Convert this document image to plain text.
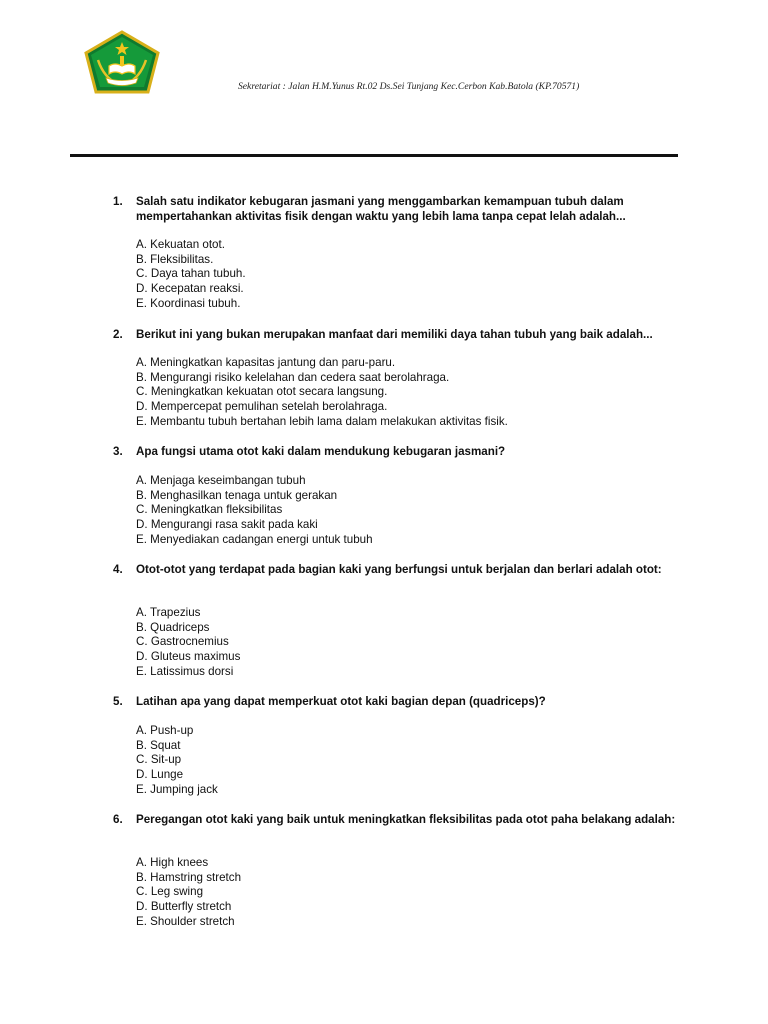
Sekretariat : Jalan H.M.Yunus Rt.02 Ds.Sei Tunjang Kec.Cerbon Kab.Batola (KP.70571)
1. Salah satu indikator kebugaran jasmani yang menggambarkan kemampuan tubuh dalam mempertahankan aktivitas fisik dengan waktu yang lebih lama tanpa cepat lelah adalah...
A. Kekuatan otot.
B. Fleksibilitas.
C. Daya tahan tubuh.
D. Kecepatan reaksi.
E. Koordinasi tubuh.
2. Berikut ini yang bukan merupakan manfaat dari memiliki daya tahan tubuh yang baik adalah...
A. Meningkatkan kapasitas jantung dan paru-paru.
B. Mengurangi risiko kelelahan dan cedera saat berolahraga.
C. Meningkatkan kekuatan otot secara langsung.
D. Mempercepat pemulihan setelah berolahraga.
E. Membantu tubuh bertahan lebih lama dalam melakukan aktivitas fisik.
3. Apa fungsi utama otot kaki dalam mendukung kebugaran jasmani?
A. Menjaga keseimbangan tubuh
B. Menghasilkan tenaga untuk gerakan
C. Meningkatkan fleksibilitas
D. Mengurangi rasa sakit pada kaki
E. Menyediakan cadangan energi untuk tubuh
4. Otot-otot yang terdapat pada bagian kaki yang berfungsi untuk berjalan dan berlari adalah otot:
A. Trapezius
B. Quadriceps
C. Gastrocnemius
D. Gluteus maximus
E. Latissimus dorsi
5. Latihan apa yang dapat memperkuat otot kaki bagian depan (quadriceps)?
A. Push-up
B. Squat
C. Sit-up
D. Lunge
E. Jumping jack
6. Peregangan otot kaki yang baik untuk meningkatkan fleksibilitas pada otot paha belakang adalah:
A. High knees
B. Hamstring stretch
C. Leg swing
D. Butterfly stretch
E. Shoulder stretch
